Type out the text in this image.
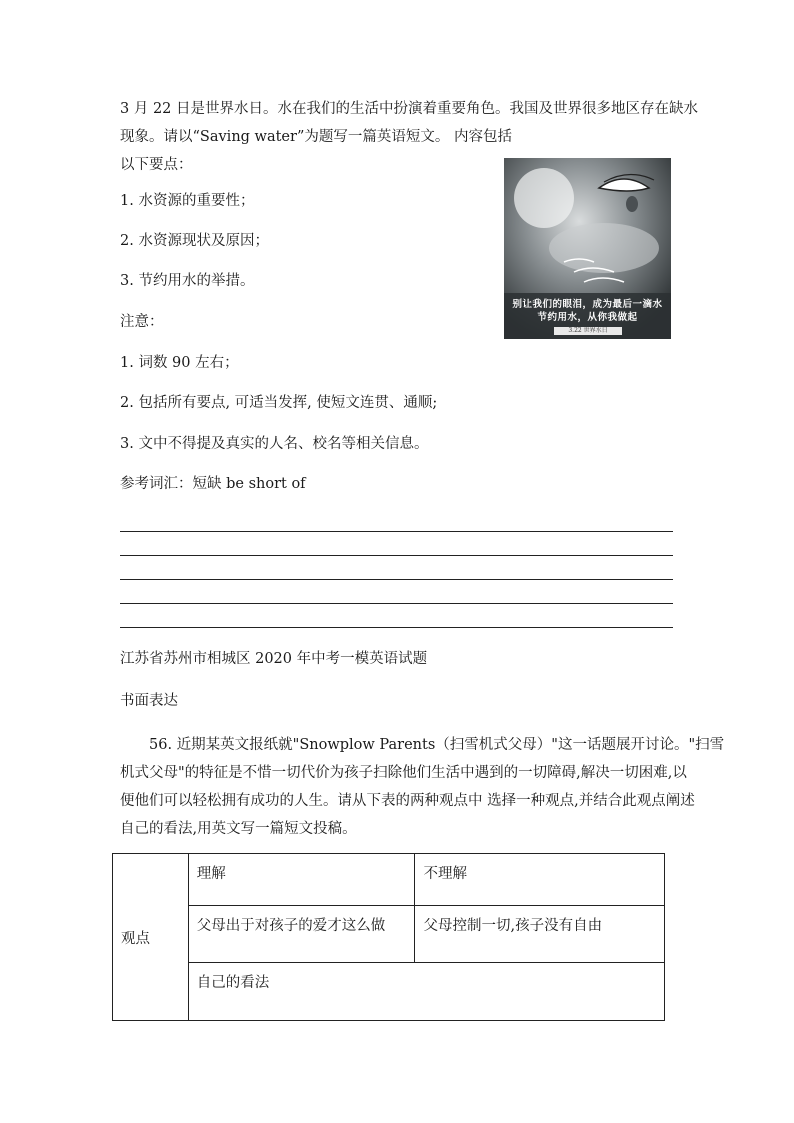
3 月 22 日是世界水日。水在我们的生活中扮演着重要角色。我国及世界很多地区存在缺水
现象。请以“Saving water”为题写一篇英语短文。 内容包括
以下要点：
1. 水资源的重要性；
2. 水资源现状及原因；
3. 节约用水的举措。
注意：
1. 词数 90 左右；
2. 包括所有要点, 可适当发挥, 使短文连贯、通顺;
3. 文中不得提及真实的人名、校名等相关信息。
参考词汇：短缺 be short of
别让我们的眼泪，成为最后一滴水
节约用水，从你我做起
3.22 世界水日
江苏省苏州市相城区 2020 年中考一模英语试题
书面表达
56. 近期某英文报纸就"Snowplow Parents（扫雪机式父母）"这一话题展开讨论。"扫雪
机式父母"的特征是不惜一切代价为孩子扫除他们生活中遇到的一切障碍,解决一切困难,以
便他们可以轻松拥有成功的人生。请从下表的两种观点中 选择一种观点,并结合此观点阐述
自己的看法,用英文写一篇短文投稿。
观点	理解	不理解

	父母出于对孩子的爱才这么做	父母控制一切,孩子没有自由

	自己的看法	
